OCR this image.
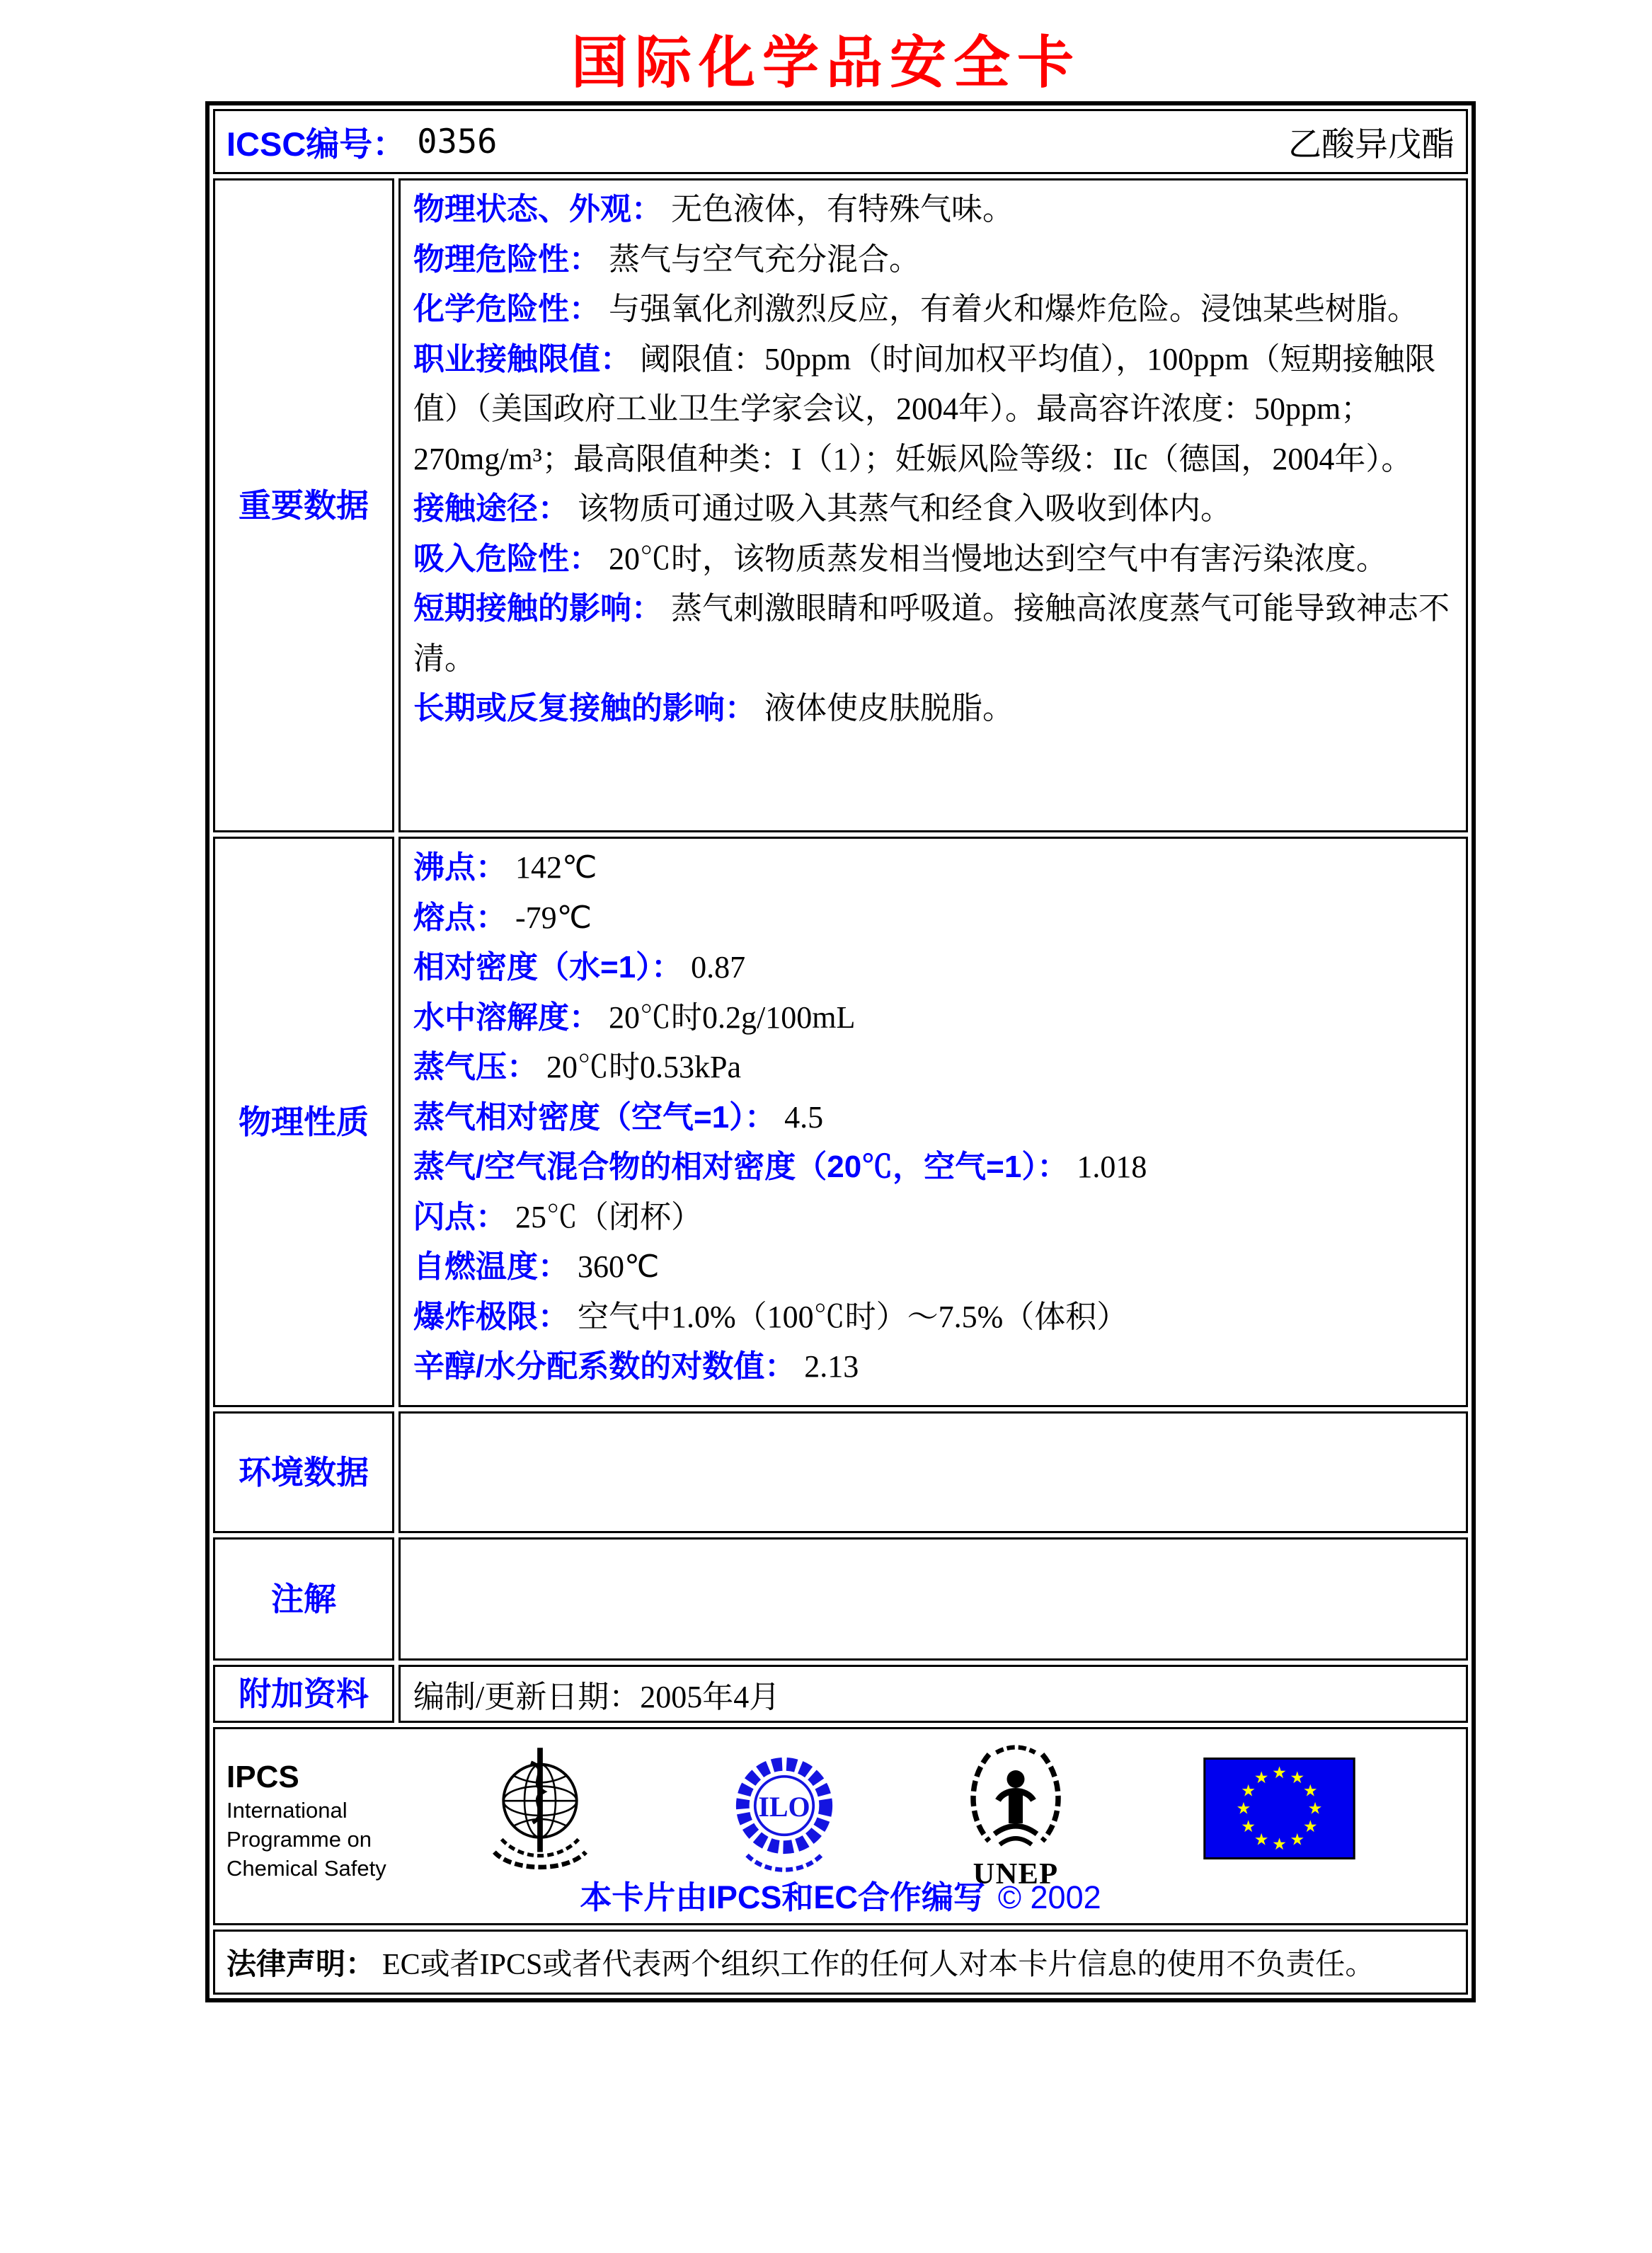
国际化学品安全卡
ICSC编号： 0356	乙酸异戊酯
重要数据
物理状态、外观： 无色液体，有特殊气味。
物理危险性： 蒸气与空气充分混合。
化学危险性： 与强氧化剂激烈反应，有着火和爆炸危险。浸蚀某些树脂。
职业接触限值： 阈限值：50ppm（时间加权平均值），100ppm（短期接触限值）（美国政府工业卫生学家会议，2004年）。最高容许浓度：50ppm；270mg/m³；最高限值种类：I（1）；妊娠风险等级：IIc（德国，2004年）。
接触途径： 该物质可通过吸入其蒸气和经食入吸收到体内。
吸入危险性： 20℃时，该物质蒸发相当慢地达到空气中有害污染浓度。
短期接触的影响： 蒸气刺激眼睛和呼吸道。接触高浓度蒸气可能导致神志不清。
长期或反复接触的影响： 液体使皮肤脱脂。
物理性质
沸点： 142℃
熔点： -79℃
相对密度（水=1）： 0.87
水中溶解度： 20℃时0.2g/100mL
蒸气压： 20℃时0.53kPa
蒸气相对密度（空气=1）： 4.5
蒸气/空气混合物的相对密度（20℃，空气=1）： 1.018
闪点： 25℃（闭杯）
自燃温度： 360℃
爆炸极限： 空气中1.0%（100℃时）～7.5%（体积）
辛醇/水分配系数的对数值： 2.13
环境数据
注解
附加资料	编制/更新日期：2005年4月
IPCS
International
Programme on
Chemical Safety
ILO
UNEP
★ ★
★
★
★
★
★
★
★
★
★
★
本卡片由IPCS和EC合作编写 © 2002
法律声明： EC或者IPCS或者代表两个组织工作的任何人对本卡片信息的使用不负责任。
